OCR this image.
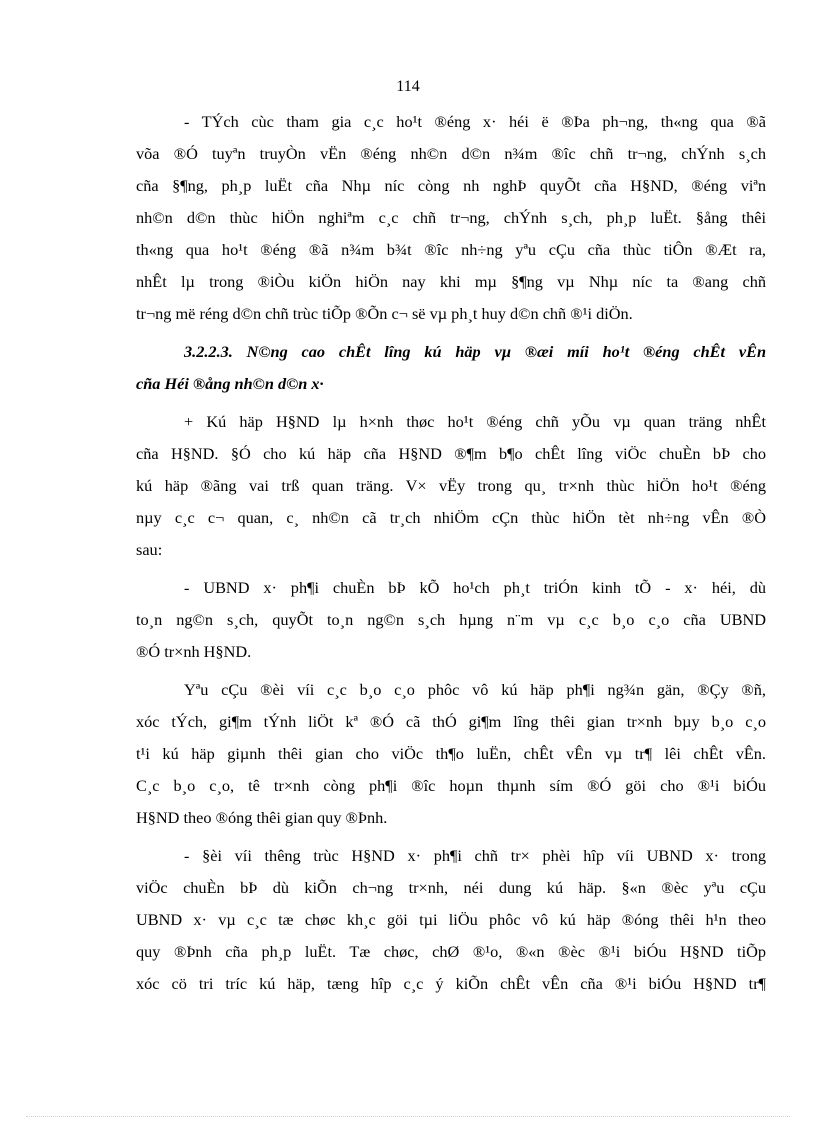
114
- TÝch cùc tham gia c¸c ho¹t ®éng x· héi ë ®Þa ph¬ng, th«ng qua ®ã
võa ®Ó tuyªn truyÒn vËn ®éng nh©n d©n n¾m ®îc chñ tr¬ng, chÝnh s¸ch
cña §¶ng, ph¸p luËt cña Nhµ níc còng nh nghÞ quyÕt cña H§ND, ®éng viªn
nh©n d©n thùc hiÖn nghiªm c¸c chñ tr¬ng, chÝnh s¸ch, ph¸p luËt. §ång thêi
th«ng qua ho¹t ®éng ®ã n¾m b¾t ®îc nh÷ng yªu cÇu cña thùc tiÔn ®Æt ra,
nhÊt lµ trong ®iÒu kiÖn hiÖn nay khi mµ §¶ng vµ Nhµ níc ta ®ang chñ
tr¬ng më réng d©n chñ trùc tiÕp ®Õn c¬ së vµ ph¸t huy d©n chñ ®¹i diÖn.
3.2.2.3. N©ng cao chÊt lîng kú häp vµ ®æi míi ho¹t ®éng chÊt vÊn
cña Héi ®ång nh©n d©n x·
+ Kú häp H§ND lµ h×nh thøc ho¹t ®éng chñ yÕu vµ quan träng nhÊt
cña H§ND. §Ó cho kú häp cña H§ND ®¶m b¶o chÊt lîng viÖc chuÈn bÞ cho
kú häp ®ãng vai trß quan träng. V× vËy trong qu¸ tr×nh thùc hiÖn ho¹t ®éng
nµy c¸c c¬ quan, c¸ nh©n cã tr¸ch nhiÖm cÇn thùc hiÖn tèt nh÷ng vÊn ®Ò
sau:
- UBND x· ph¶i chuÈn bÞ kÕ ho¹ch ph¸t triÓn kinh tÕ - x· héi, dù
to¸n ng©n s¸ch, quyÕt to¸n ng©n s¸ch hµng n¨m vµ c¸c b¸o c¸o cña UBND
®Ó tr×nh H§ND.
Yªu cÇu ®èi víi c¸c b¸o c¸o phôc vô kú häp ph¶i ng¾n gän, ®Çy ®ñ,
xóc tÝch, gi¶m tÝnh liÖt kª ®Ó cã thÓ gi¶m lîng thêi gian tr×nh bµy b¸o c¸o
t¹i kú häp giµnh thêi gian cho viÖc th¶o luËn, chÊt vÊn vµ tr¶ lêi chÊt vÊn.
C¸c b¸o c¸o, tê tr×nh còng ph¶i ®îc hoµn thµnh sím ®Ó göi cho ®¹i biÓu
H§ND theo ®óng thêi gian quy ®Þnh.
- §èi víi thêng trùc H§ND x· ph¶i chñ tr× phèi hîp víi UBND x· trong
viÖc chuÈn bÞ dù kiÕn ch¬ng tr×nh, néi dung kú häp. §«n ®èc yªu cÇu
UBND x· vµ c¸c tæ chøc kh¸c göi tµi liÖu phôc vô kú häp ®óng thêi h¹n theo
quy ®Þnh cña ph¸p luËt. Tæ chøc, chØ ®¹o, ®«n ®èc ®¹i biÓu H§ND tiÕp
xóc cö tri tríc kú häp, tæng hîp c¸c ý kiÕn chÊt vÊn cña ®¹i biÓu H§ND tr¶
